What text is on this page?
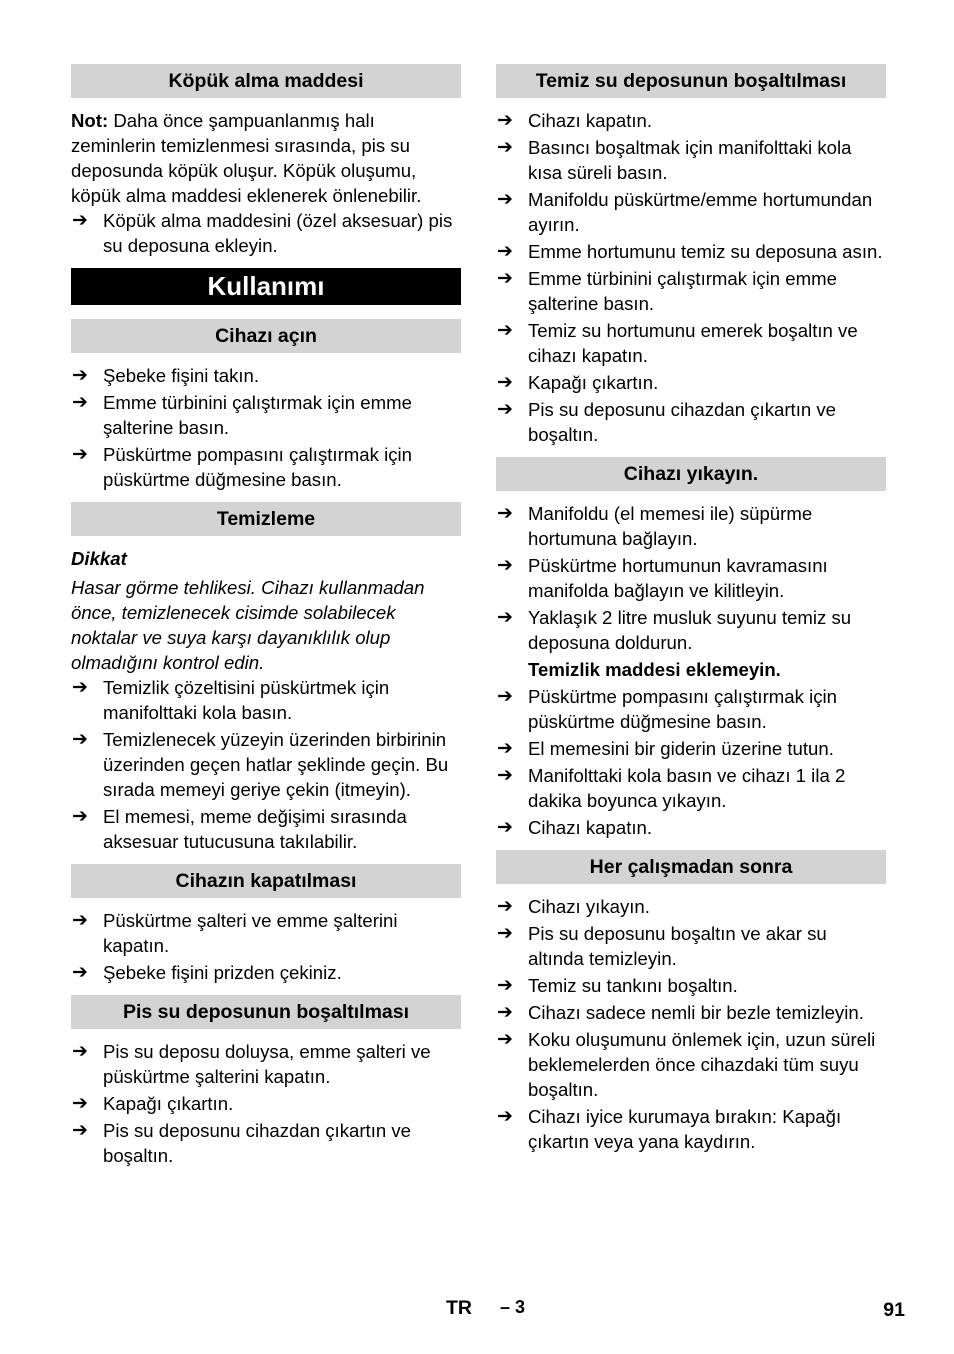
Köpük alma maddesi

Not: Daha önce şampuanlanmış halı zeminlerin temizlenmesi sırasında, pis su deposunda köpük oluşur. Köpük oluşumu, köpük alma maddesi eklenerek önlenebilir.

➔ Köpük alma maddesini (özel aksesuar) pis su deposuna ekleyin.
Kullanımı
Cihazı açın
➔ Şebeke fişini takın.
➔ Emme türbinini çalıştırmak için emme şalterine basın.
➔ Püskürtme pompasını çalıştırmak için püskürtme düğmesine basın.
Temizleme

Dikkat

Hasar görme tehlikesi. Cihazı kullanmadan önce, temizlenecek cisimde solabilecek noktalar ve suya karşı dayanıklılık olup olmadığını kontrol edin.

➔ Temizlik çözeltisini püskürtmek için manifolttaki kola basın.
➔ Temizlenecek yüzeyin üzerinden birbirinin üzerinden geçen hatlar şeklinde geçin. Bu sırada memeyi geriye çekin (itmeyin).
➔ El memesi, meme değişimi sırasında aksesuar tutucusuna takılabilir.
Cihazın kapatılması
➔ Püskürtme şalteri ve emme şalterini kapatın.
➔ Şebeke fişini prizden çekiniz.
Pis su deposunun boşaltılması
➔ Pis su deposu doluysa, emme şalteri ve püskürtme şalterini kapatın.
➔ Kapağı çıkartın.
➔ Pis su deposunu cihazdan çıkartın ve boşaltın.
Temiz su deposunun boşaltılması
➔ Cihazı kapatın.
➔ Basıncı boşaltmak için manifolttaki kola kısa süreli basın.
➔ Manifoldu püskürtme/emme hortumundan ayırın.
➔ Emme hortumunu temiz su deposuna asın.
➔ Emme türbinini çalıştırmak için emme şalterine basın.
➔ Temiz su hortumunu emerek boşaltın ve cihazı kapatın.
➔ Kapağı çıkartın.
➔ Pis su deposunu cihazdan çıkartın ve boşaltın.
Cihazı yıkayın.
➔ Manifoldu (el memesi ile) süpürme hortumuna bağlayın.
➔ Püskürtme hortumunun kavramasını manifolda bağlayın ve kilitleyin.
➔ Yaklaşık 2 litre musluk suyunu temiz su deposuna doldurun.
Temizlik maddesi eklemeyin.
➔ Püskürtme pompasını çalıştırmak için püskürtme düğmesine basın.
➔ El memesini bir giderin üzerine tutun.
➔ Manifolttaki kola basın ve cihazı 1 ila 2 dakika boyunca yıkayın.
➔ Cihazı kapatın.
Her çalışmadan sonra
➔ Cihazı yıkayın.
➔ Pis su deposunu boşaltın ve akar su altında temizleyin.
➔ Temiz su tankını boşaltın.
➔ Cihazı sadece nemli bir bezle temizleyin.
➔ Koku oluşumunu önlemek için, uzun süreli beklemelerden önce cihazdaki tüm suyu boşaltın.
➔ Cihazı iyice kurumaya bırakın: Kapağı çıkartın veya yana kaydırın.
TR – 3	91
